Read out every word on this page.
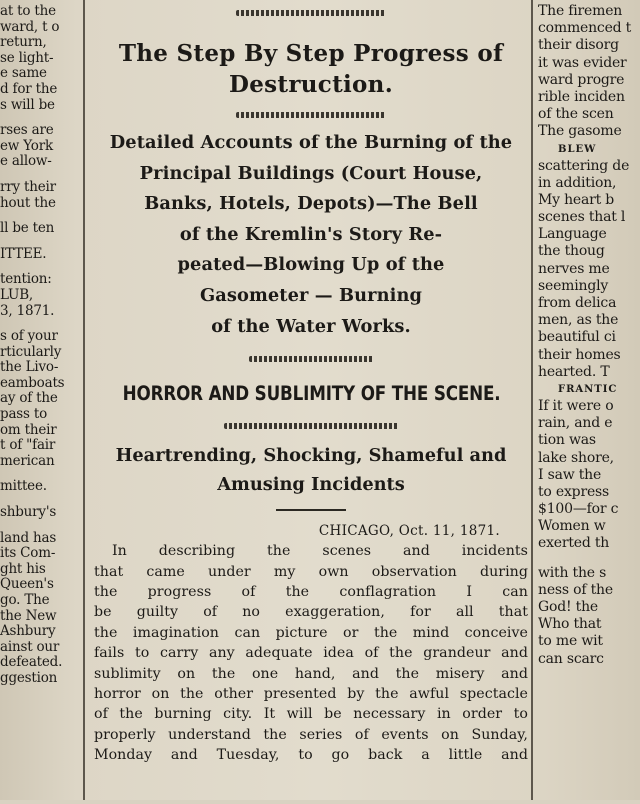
at to the
ward, t o
return,
se light-
e same
d for the
s will be
rses are
ew York
e allow-
rry their
hout the
ll be ten
ITTEE.
tention:
LUB,
3, 1871.
s of your
rticularly
the Livo-
eamboats
ay of the
pass to
om their
t of "fair
merican
mittee.
shbury's
land has
its Com-
ght his
Queen's
go. The
the New
Ashbury
ainst our
defeated.
ggestion
The Step By Step Progress of
Destruction.
Detailed Accounts of the Burning of the
Principal Buildings (Court House,
Banks, Hotels, Depots)—The Bell
of the Kremlin's Story Re-
peated—Blowing Up of the
Gasometer — Burning
of the Water Works.
HORROR AND SUBLIMITY OF THE SCENE.
Heartrending, Shocking, Shameful and
Amusing Incidents
CHICAGO, Oct. 11, 1871.
In describing the scenes and incidents
that came under my own observation during
the progress of the conflagration I can
be guilty of no exaggeration, for all that
the imagination can picture or the mind conceive
fails to carry any adequate idea of the grandeur and
sublimity on the one hand, and the misery and
horror on the other presented by the awful spectacle
of the burning city. It will be necessary in order to
properly understand the series of events on Sunday,
Monday and Tuesday, to go back a little and
The firemen
commenced t
their disorg
it was evider
ward progre
rible inciden
of the scen
The gasome
BLEW
scattering de
in addition,
My heart b
scenes that l
Language
the thoug
nerves me
seemingly
from delica
men, as the
beautiful ci
their homes
hearted. T
FRANTIC
If it were o
rain, and e
tion was
lake shore,
I saw the
to express
$100—for c
Women w
exerted th
with the s
ness of the
God! the
Who that
to me wit
can scarc
